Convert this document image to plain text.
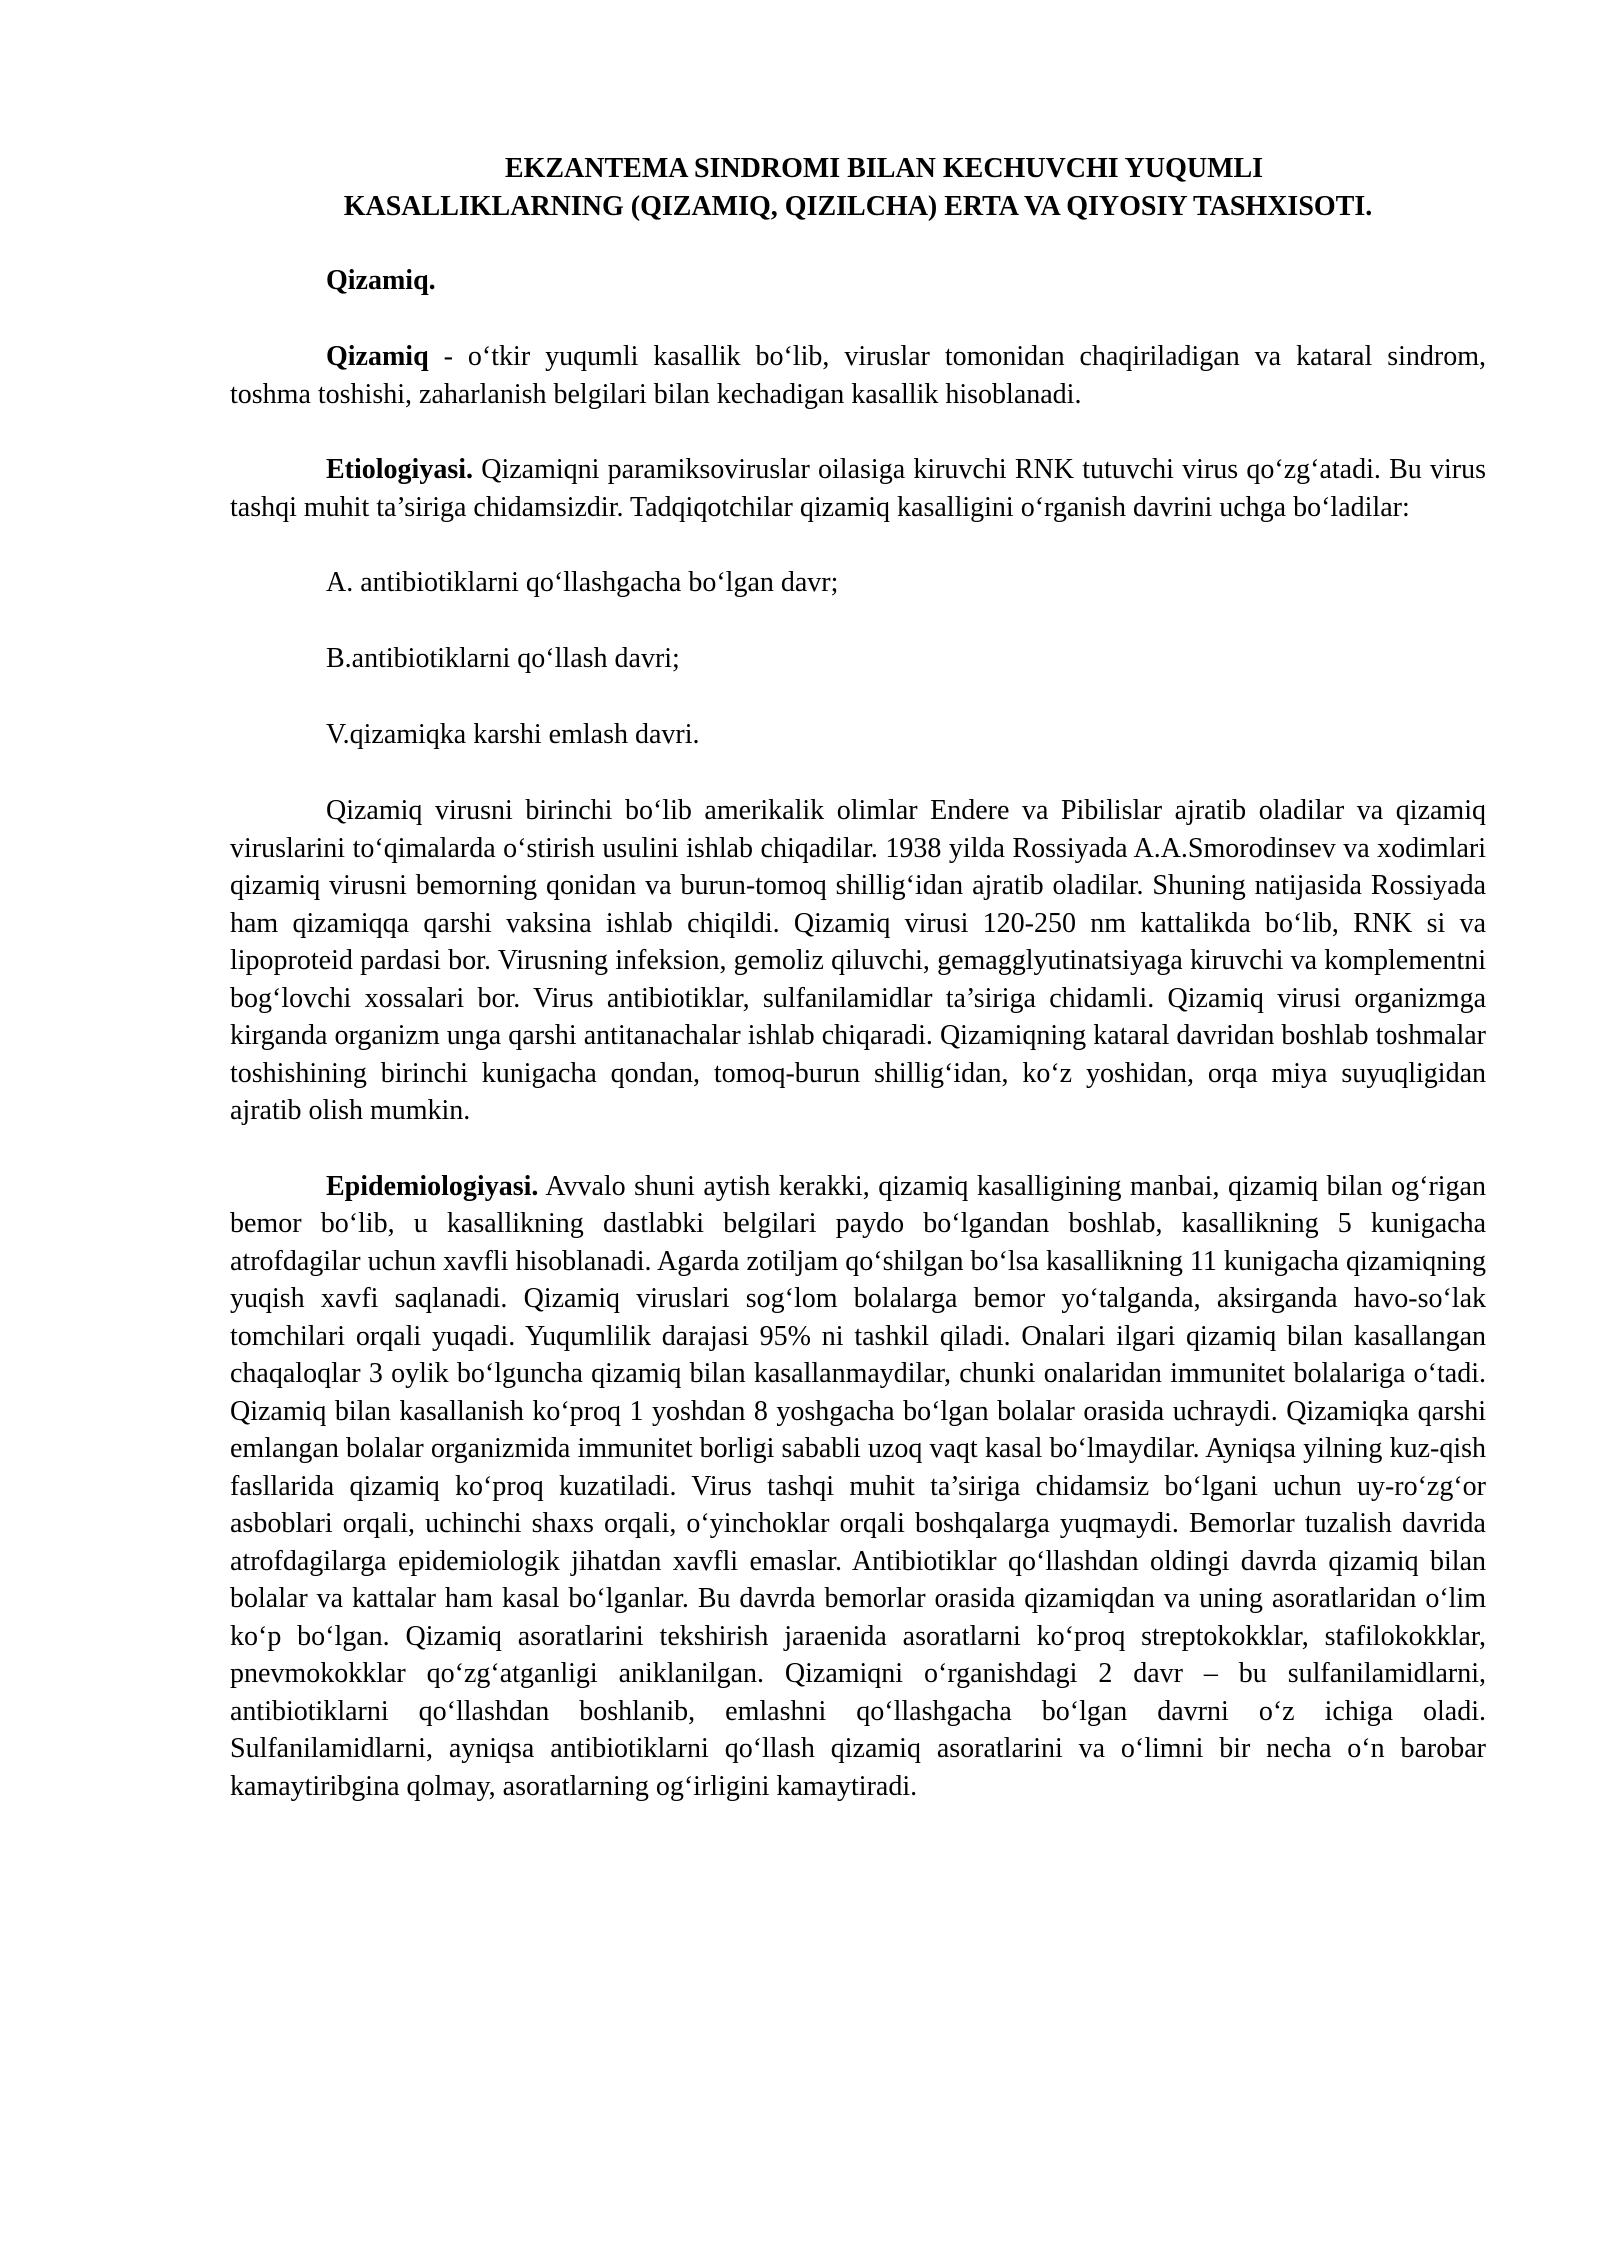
EKZANTEMA SINDROMI BILAN KECHUVCHI YUQUMLI
KASALLIKLARNING (QIZAMIQ, QIZILCHA) ERTA VA QIYOSIY TASHXISOTI.
Qizamiq.

Qizamiq - o‘tkir yuqumli kasallik bo‘lib, viruslar tomonidan chaqiriladigan va kataral sindrom, toshma toshishi, zaharlanish belgilari bilan kechadigan kasallik hisoblanadi.

Etiologiyasi. Qizamiqni paramiksoviruslar oilasiga kiruvchi RNK tutuvchi virus qo‘zg‘atadi. Bu virus tashqi muhit ta’siriga chidamsizdir. Tadqiqotchilar qizamiq kasalligini o‘rganish davrini uchga bo‘ladilar:

A. antibiotiklarni qo‘llashgacha bo‘lgan davr;

B.antibiotiklarni qo‘llash davri;

V.qizamiqka karshi emlash davri.

Qizamiq virusni birinchi bo‘lib amerikalik olimlar Endere va Pibilislar ajratib oladilar va qizamiq viruslarini to‘qimalarda o‘stirish usulini ishlab chiqadilar. 1938 yilda Rossiyada A.A.Smorodinsev va xodimlari qizamiq virusni bemorning qonidan va burun-tomoq shillig‘idan ajratib oladilar. Shuning natijasida Rossiyada ham qizamiqqa qarshi vaksina ishlab chiqildi. Qizamiq virusi 120-250 nm kattalikda bo‘lib, RNK si va lipoproteid pardasi bor. Virusning infeksion, gemoliz qiluvchi, gemagglyutinatsiyaga kiruvchi va komplementni bog‘lovchi xossalari bor. Virus antibiotiklar, sulfanilamidlar ta’siriga chidamli. Qizamiq virusi organizmga kirganda organizm unga qarshi antitanachalar ishlab chiqaradi. Qizamiqning kataral davridan boshlab toshmalar toshishining birinchi kunigacha qondan, tomoq-burun shillig‘idan, ko‘z yoshidan, orqa miya suyuqligidan ajratib olish mumkin.

Epidemiologiyasi. Avvalo shuni aytish kerakki, qizamiq kasalligining manbai, qizamiq bilan og‘rigan bemor bo‘lib, u kasallikning dastlabki belgilari paydo bo‘lgandan boshlab, kasallikning 5 kunigacha atrofdagilar uchun xavfli hisoblanadi. Agarda zotiljam qo‘shilgan bo‘lsa kasallikning 11 kunigacha qizamiqning yuqish xavfi saqlanadi. Qizamiq viruslari sog‘lom bolalarga bemor yo‘talganda, aksirganda havo-so‘lak tomchilari orqali yuqadi. Yuqumlilik darajasi 95% ni tashkil qiladi. Onalari ilgari qizamiq bilan kasallangan chaqaloqlar 3 oylik bo‘lguncha qizamiq bilan kasallanmaydilar, chunki onalaridan immunitet bolalariga o‘tadi. Qizamiq bilan kasallanish ko‘proq 1 yoshdan 8 yoshgacha bo‘lgan bolalar orasida uchraydi. Qizamiqka qarshi emlangan bolalar organizmida immunitet borligi sababli uzoq vaqt kasal bo‘lmaydilar. Ayniqsa yilning kuz-qish fasllarida qizamiq ko‘proq kuzatiladi. Virus tashqi muhit ta’siriga chidamsiz bo‘lgani uchun uy-ro‘zg‘or asboblari orqali, uchinchi shaxs orqali, o‘yinchoklar orqali boshqalarga yuqmaydi. Bemorlar tuzalish davrida atrofdagilarga epidemiologik jihatdan xavfli emaslar. Antibiotiklar qo‘llashdan oldingi davrda qizamiq bilan bolalar va kattalar ham kasal bo‘lganlar. Bu davrda bemorlar orasida qizamiqdan va uning asoratlaridan o‘lim ko‘p bo‘lgan. Qizamiq asoratlarini tekshirish jaraenida asoratlarni ko‘proq streptokokklar, stafilokokklar, pnevmokokklar qo‘zg‘atganligi aniklanilgan. Qizamiqni o‘rganishdagi 2 davr – bu sulfanilamidlarni, antibiotiklarni qo‘llashdan boshlanib, emlashni qo‘llashgacha bo‘lgan davrni o‘z ichiga oladi. Sulfanilamidlarni, ayniqsa antibiotiklarni qo‘llash qizamiq asoratlarini va o‘limni bir necha o‘n barobar kamaytiribgina qolmay, asoratlarning og‘irligini kamaytiradi.
